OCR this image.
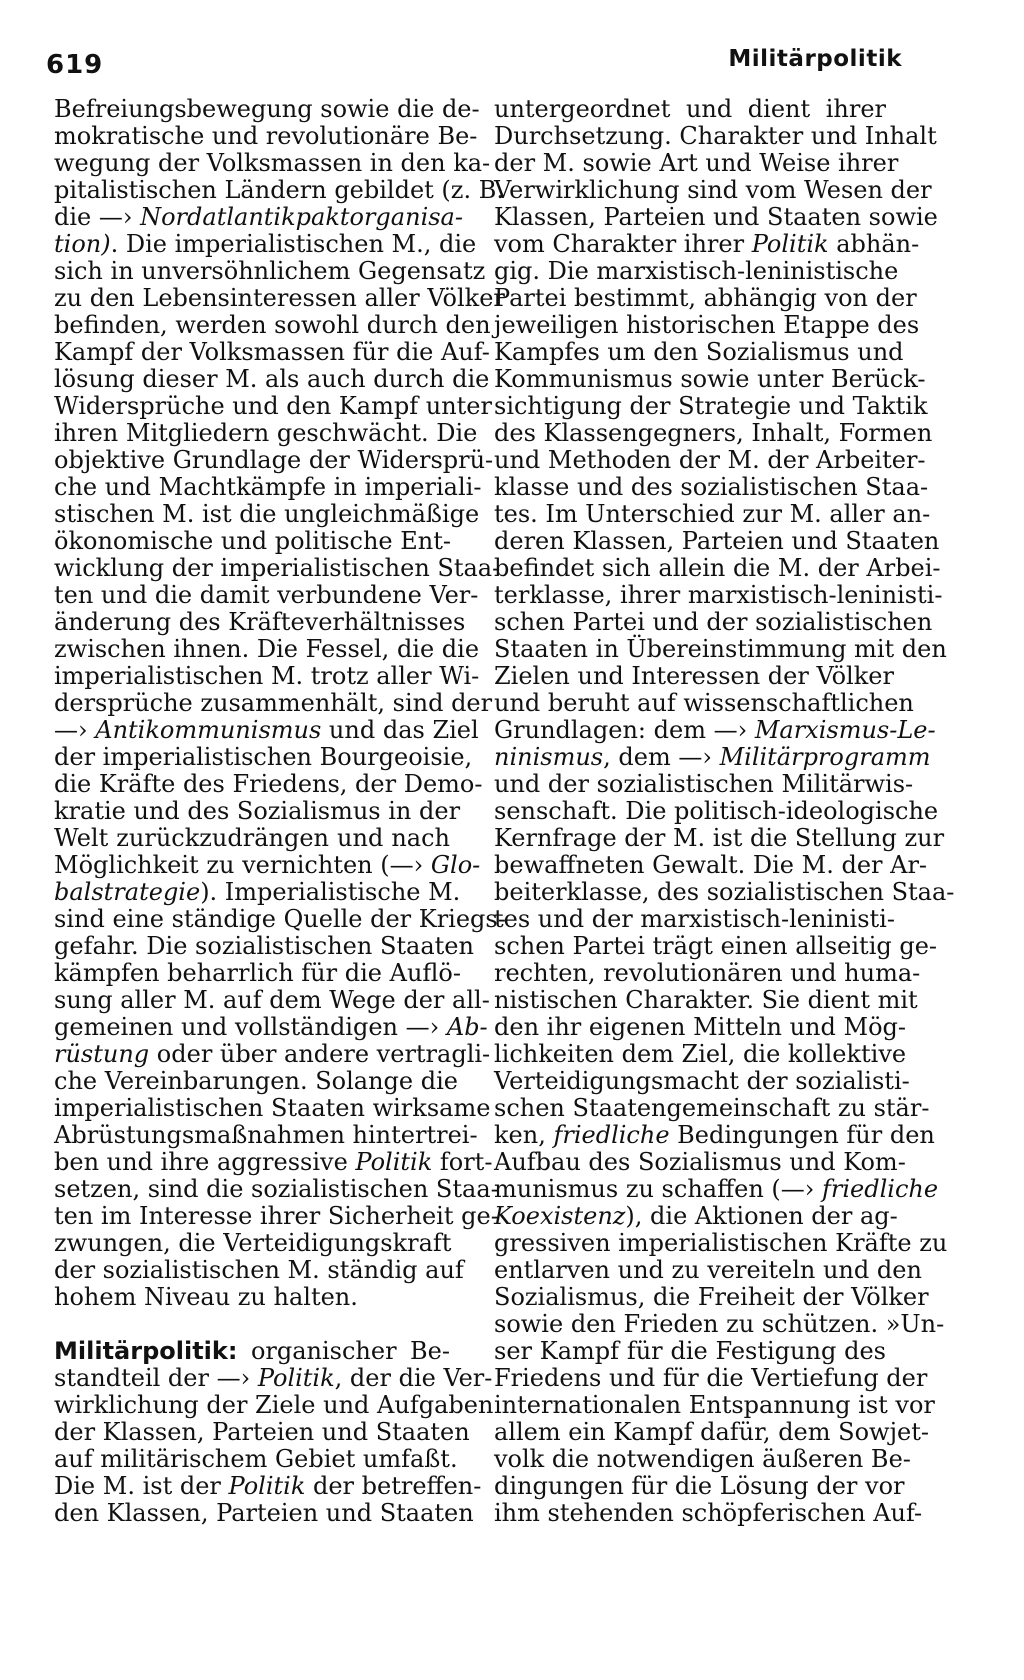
619	Militärpolitik
Befreiungsbewegung sowie die de-
mokratische und revolutionäre Be-
wegung der Volksmassen in den ka-
pitalistischen Ländern gebildet (z. B.
die —› Nordatlantikpaktorganisa-
tion). Die imperialistischen M., die
sich in unversöhnlichem Gegensatz
zu den Lebensinteressen aller Völker
befinden, werden sowohl durch den
Kampf der Volksmassen für die Auf-
lösung dieser M. als auch durch die
Widersprüche und den Kampf unter
ihren Mitgliedern geschwächt. Die
objektive Grundlage der Widersprü-
che und Machtkämpfe in imperiali-
stischen M. ist die ungleichmäßige
ökonomische und politische Ent-
wicklung der imperialistischen Staa-
ten und die damit verbundene Ver-
änderung des Kräfteverhältnisses
zwischen ihnen. Die Fessel, die die
imperialistischen M. trotz aller Wi-
dersprüche zusammenhält, sind der
—› Antikommunismus und das Ziel
der imperialistischen Bourgeoisie,
die Kräfte des Friedens, der Demo-
kratie und des Sozialismus in der
Welt zurückzudrängen und nach
Möglichkeit zu vernichten (—› Glo-
balstrategie). Imperialistische M.
sind eine ständige Quelle der Kriegs-
gefahr. Die sozialistischen Staaten
kämpfen beharrlich für die Auflö-
sung aller M. auf dem Wege der all-
gemeinen und vollständigen —› Ab-
rüstung oder über andere vertragli-
che Vereinbarungen. Solange die
imperialistischen Staaten wirksame
Abrüstungsmaßnahmen hintertrei-
ben und ihre aggressive Politik fort-
setzen, sind die sozialistischen Staa-
ten im Interesse ihrer Sicherheit ge-
zwungen, die Verteidigungskraft
der sozialistischen M. ständig auf
hohem Niveau zu halten.
Militärpolitik: organischer Be-
standteil der —› Politik, der die Ver-
wirklichung der Ziele und Aufgaben
der Klassen, Parteien und Staaten
auf militärischem Gebiet umfaßt.
Die M. ist der Politik der betreffen-
den Klassen, Parteien und Staaten
untergeordnet und dient ihrer
Durchsetzung. Charakter und Inhalt
der M. sowie Art und Weise ihrer
Verwirklichung sind vom Wesen der
Klassen, Parteien und Staaten sowie
vom Charakter ihrer Politik abhän-
gig. Die marxistisch-leninistische
Partei bestimmt, abhängig von der
jeweiligen historischen Etappe des
Kampfes um den Sozialismus und
Kommunismus sowie unter Berück-
sichtigung der Strategie und Taktik
des Klassengegners, Inhalt, Formen
und Methoden der M. der Arbeiter-
klasse und des sozialistischen Staa-
tes. Im Unterschied zur M. aller an-
deren Klassen, Parteien und Staaten
befindet sich allein die M. der Arbei-
terklasse, ihrer marxistisch-leninisti-
schen Partei und der sozialistischen
Staaten in Übereinstimmung mit den
Zielen und Interessen der Völker
und beruht auf wissenschaftlichen
Grundlagen: dem —› Marxismus-Le-
ninismus, dem —› Militärprogramm
und der sozialistischen Militärwis-
senschaft. Die politisch-ideologische
Kernfrage der M. ist die Stellung zur
bewaffneten Gewalt. Die M. der Ar-
beiterklasse, des sozialistischen Staa-
tes und der marxistisch-leninisti-
schen Partei trägt einen allseitig ge-
rechten, revolutionären und huma-
nistischen Charakter. Sie dient mit
den ihr eigenen Mitteln und Mög-
lichkeiten dem Ziel, die kollektive
Verteidigungsmacht der sozialisti-
schen Staatengemeinschaft zu stär-
ken, friedliche Bedingungen für den
Aufbau des Sozialismus und Kom-
munismus zu schaffen (—› friedliche
Koexistenz), die Aktionen der ag-
gressiven imperialistischen Kräfte zu
entlarven und zu vereiteln und den
Sozialismus, die Freiheit der Völker
sowie den Frieden zu schützen. »Un-
ser Kampf für die Festigung des
Friedens und für die Vertiefung der
internationalen Entspannung ist vor
allem ein Kampf dafür, dem Sowjet-
volk die notwendigen äußeren Be-
dingungen für die Lösung der vor
ihm stehenden schöpferischen Auf-
